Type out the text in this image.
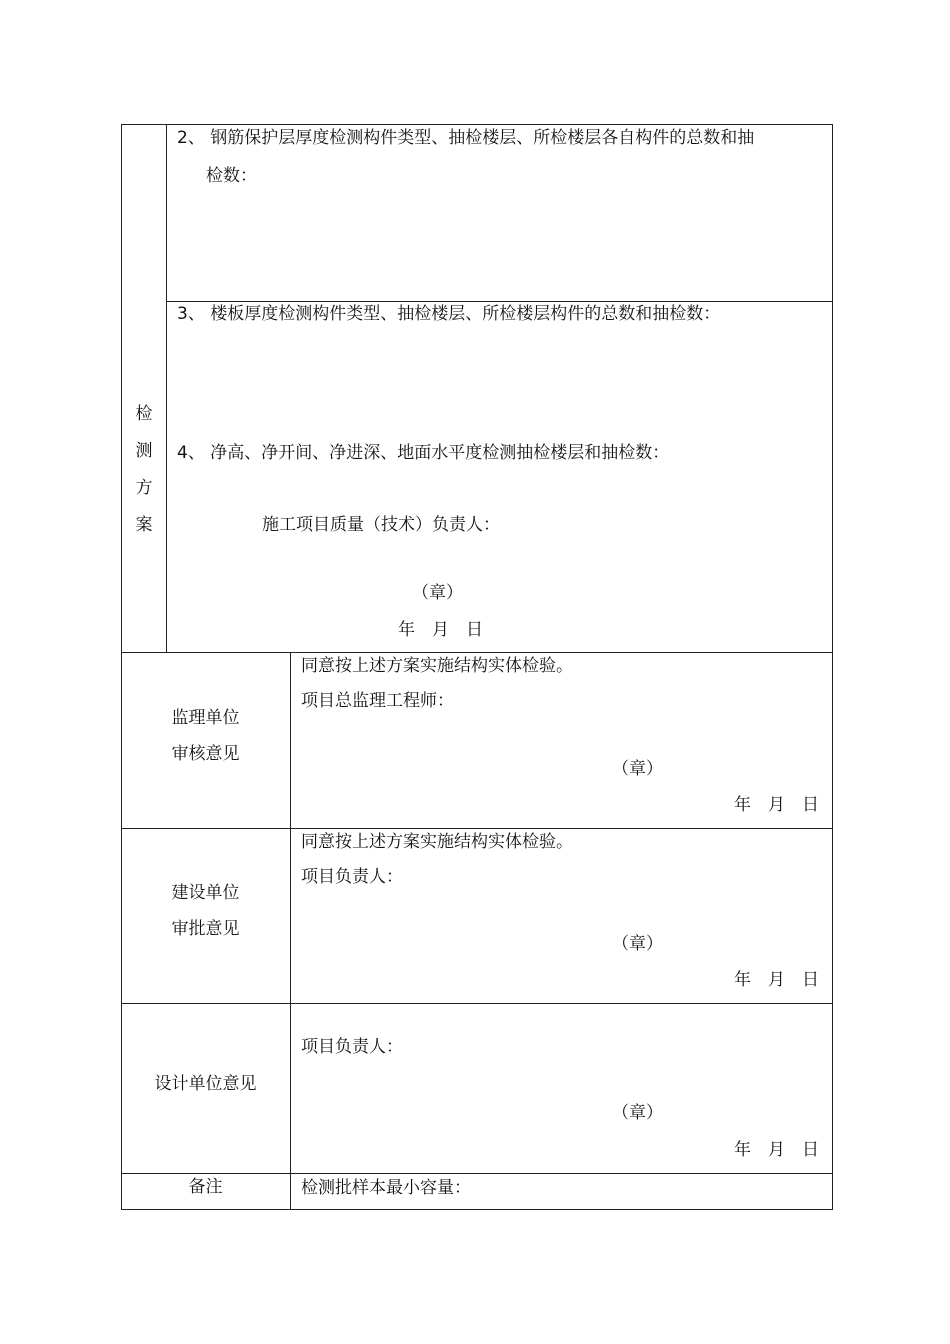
检
测
方
案
2、 钢筋保护层厚度检测构件类型、抽检楼层、所检楼层各自构件的总数和抽
检数：
3、 楼板厚度检测构件类型、抽检楼层、所检楼层构件的总数和抽检数：
4、 净高、净开间、净进深、地面水平度检测抽检楼层和抽检数：
施工项目质量（技术）负责人：
（章）
年　月　日
监理单位
审核意见
同意按上述方案实施结构实体检验。
项目总监理工程师：
（章）
年　月　日
建设单位
审批意见
同意按上述方案实施结构实体检验。
项目负责人：
（章）
年　月　日
设计单位意见
项目负责人：
（章）
年　月　日
备注	检测批样本最小容量：
